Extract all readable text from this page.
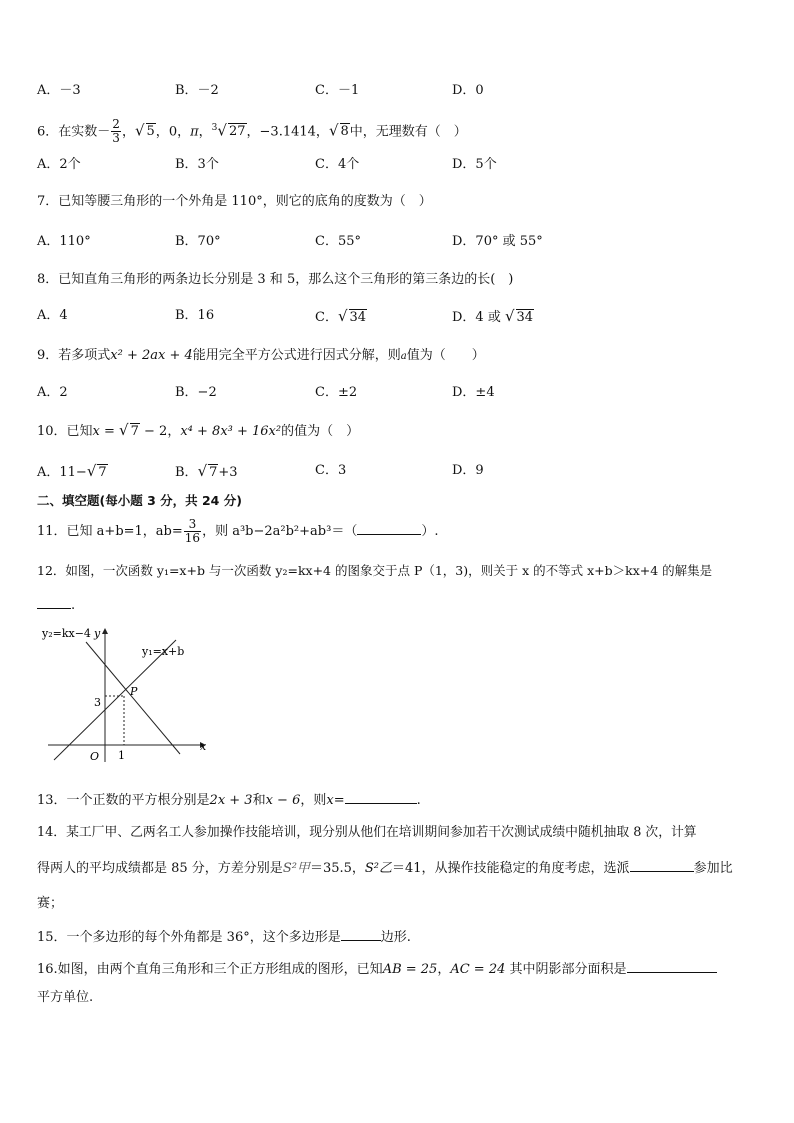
A．－3	B．－2	C．－1	D．0
6．在实数－ $\frac{2}{3}$ ，√ 5，0，π，$^3$√ 27，−3.1414，√ 8中，无理数有（　）
A．2个	B．3个	C．4个	D．5个
7．已知等腰三角形的一个外角是 110°，则它的底角的度数为（　）
A．110°	B．70°	C．55°	D．70° 或 55°
8．已知直角三角形的两条边长分别是 3 和 5，那么这个三角形的第三条边的长(　)
A．4	B．16	C．√ 34	D．4 或 √ 34
9．若多项式x² + 2ax + 4能用完全平方公式进行因式分解，则a值为（　　）
A．2	B．−2	C．±2	D．±4
10．已知x = √ 7 − 2，x⁴ + 8x³ + 16x²的值为（　）
A．11−√ 7	B．√ 7+3	C．3	D．9
二、填空题(每小题 3 分，共 24 分)
11．已知 a+b=1，$ab= \frac{3}{16}$ ，则 a³b−2a²b²+ab³＝（	）.
12．如图，一次函数 y₁=x+b 与一次函数 y₂=kx+4 的图象交于点 P（1，3)，则关于 x 的不等式 x+b＞kx+4 的解集是
.
y₂=kx−4 y
y₁=x+b
P
3
1
O
x
13．一个正数的平方根分别是2x + 3和x − 6，则x=	.
14．某工厂甲、乙两名工人参加操作技能培训，现分别从他们在培训期间参加若干次测试成绩中随机抽取 8 次，计算
得两人的平均成绩都是 85 分，方差分别是S²甲＝35.5，S²乙＝41，从操作技能稳定的角度考虑，选派	参加比
赛；
15．一个多边形的每个外角都是 36°，这个多边形是	边形.
16.如图，由两个直角三角形和三个正方形组成的图形，已知AB = 25，AC = 24 其中阴影部分面积是
平方单位.
